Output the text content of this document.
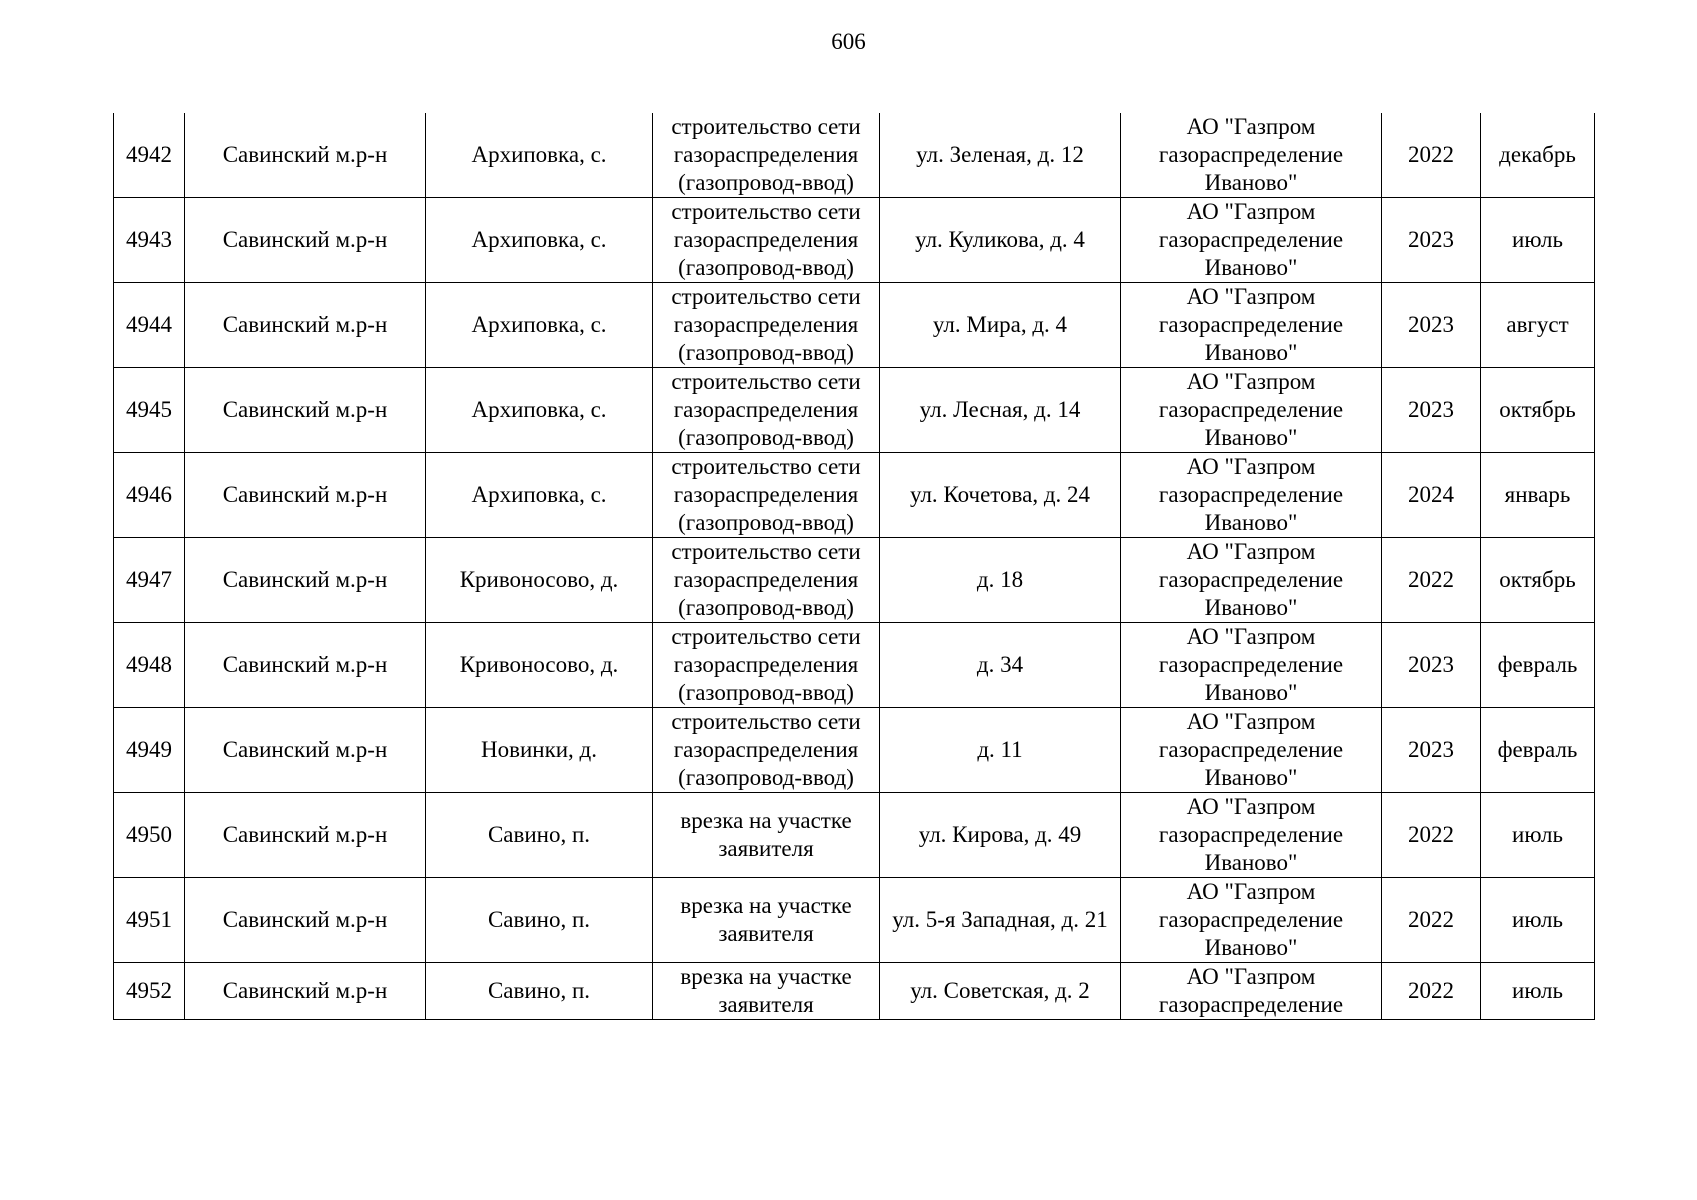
606
4942	Савинский м.р-н	Архиповка, с.	строительство сети газораспределения (газопровод-ввод)	ул. Зеленая, д. 12	АО "Газпром газораспределение Иваново"	2022	декабрь
4943	Савинский м.р-н	Архиповка, с.	строительство сети газораспределения (газопровод-ввод)	ул. Куликова, д. 4	АО "Газпром газораспределение Иваново"	2023	июль
4944	Савинский м.р-н	Архиповка, с.	строительство сети газораспределения (газопровод-ввод)	ул. Мира, д. 4	АО "Газпром газораспределение Иваново"	2023	август
4945	Савинский м.р-н	Архиповка, с.	строительство сети газораспределения (газопровод-ввод)	ул. Лесная, д. 14	АО "Газпром газораспределение Иваново"	2023	октябрь
4946	Савинский м.р-н	Архиповка, с.	строительство сети газораспределения (газопровод-ввод)	ул. Кочетова, д. 24	АО "Газпром газораспределение Иваново"	2024	январь
4947	Савинский м.р-н	Кривоносово, д.	строительство сети газораспределения (газопровод-ввод)	д. 18	АО "Газпром газораспределение Иваново"	2022	октябрь
4948	Савинский м.р-н	Кривоносово, д.	строительство сети газораспределения (газопровод-ввод)	д. 34	АО "Газпром газораспределение Иваново"	2023	февраль
4949	Савинский м.р-н	Новинки, д.	строительство сети газораспределения (газопровод-ввод)	д. 11	АО "Газпром газораспределение Иваново"	2023	февраль
4950	Савинский м.р-н	Савино, п.	врезка на участке заявителя	ул. Кирова, д. 49	АО "Газпром газораспределение Иваново"	2022	июль
4951	Савинский м.р-н	Савино, п.	врезка на участке заявителя	ул. 5-я Западная, д. 21	АО "Газпром газораспределение Иваново"	2022	июль
4952	Савинский м.р-н	Савино, п.	врезка на участке заявителя	ул. Советская, д. 2	АО "Газпром газораспределение	2022	июль
